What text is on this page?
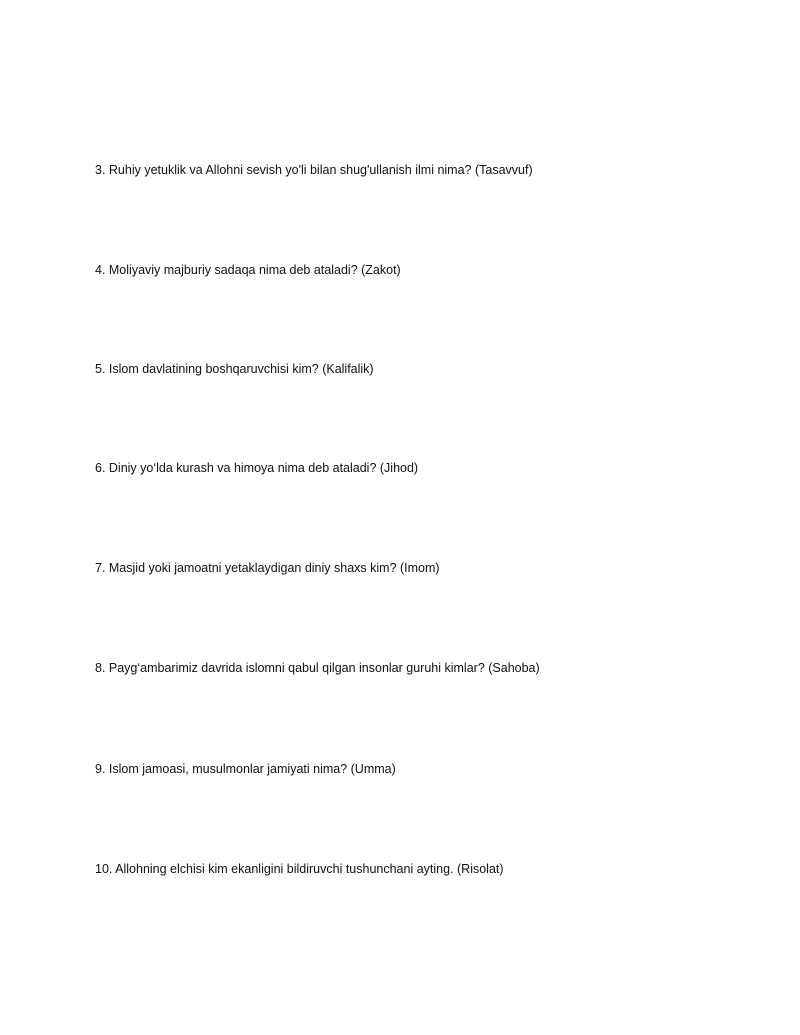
3. Ruhiy yetuklik va Allohni sevish yo'li bilan shug'ullanish ilmi nima? (Tasavvuf)
4. Moliyaviy majburiy sadaqa nima deb ataladi? (Zakot)
5. Islom davlatining boshqaruvchisi kim? (Kalifalik)
6. Diniy yo‘lda kurash va himoya nima deb ataladi? (Jihod)
7. Masjid yoki jamoatni yetaklaydigan diniy shaxs kim? (Imom)
8. Payg‘ambarimiz davrida islomni qabul qilgan insonlar guruhi kimlar? (Sahoba)
9. Islom jamoasi, musulmonlar jamiyati nima? (Umma)
10. Allohning elchisi kim ekanligini bildiruvchi tushunchani ayting. (Risolat)
